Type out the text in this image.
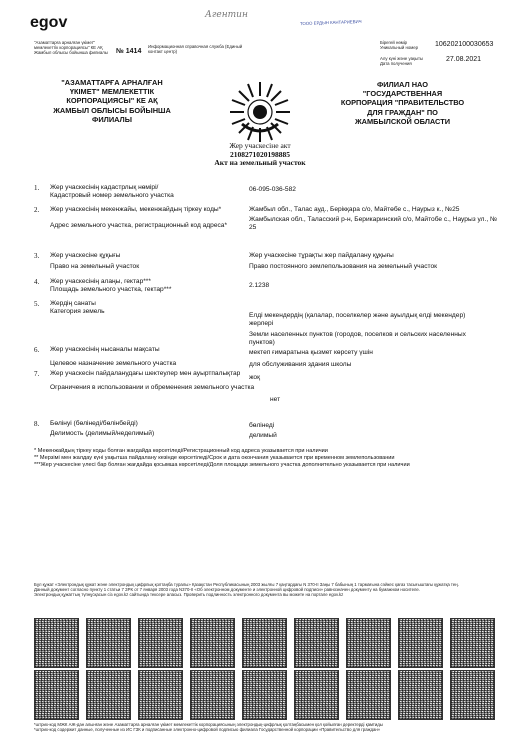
egov
"Азаматтарға арналған үкімет"
мемлекеттік корпорациясы" КЕ АҚ
Жамбыл облысы бойынша филиалы	№ 1414
Информационная справочная служба (Единый контакт центр)
Агентин
ТООО ЕРДЫН КАНТАРИЕВИЧ
Бірегей нөмір
Уникальный номер	106202100030653
Алу күні және уақыты
Дата получения
27.08.2021
"АЗАМАТТАРҒА АРНАЛҒАН ҮКІМЕТ" МЕМЛЕКЕТТІК КОРПОРАЦИЯСЫ" КЕ АҚ ЖАМБЫЛ ОБЛЫСЫ БОЙЫНША ФИЛИАЛЫ
ФИЛИАЛ НАО "ГОСУДАРСТВЕННАЯ КОРПОРАЦИЯ "ПРАВИТЕЛЬСТВО ДЛЯ ГРАЖДАН" ПО ЖАМБЫЛСКОЙ ОБЛАСТИ
Жер учаскесіне акт
2108271020198885
Акт на земельный участок
1. Жер учаскесінің кадастрлық нөмірі/
Кадастровый номер земельного участка
06-095-036-582
2. Жер учаскесінің мекенжайы, мекенжайдың тіркеу коды*
Адрес земельного участка, регистрационный код адреса*
Жамбыл обл., Талас ауд., Берікқара с/о, Майтөбе с., Наурыз к., №25
Жамбылская обл., Таласский р-н, Берикаринский с/о, Майтобе с., Наурыз ул., № 25
3. Жер учаскесіне құқығы
Право на земельный участок
Жер учаскесіне тұрақты жер пайдалану құқығы
Право постоянного землепользования на земельный участок
4. Жер учаскесінің алаңы, гектар***
Площадь земельного участка, гектар***
2.1238
5. Жердің санаты
Категория земель
Елді мекендердің (қалалар, поселкелер және ауылдық елді мекендер) жерлері
Земли населенных пунктов (городов, поселков и сельских населенных пунктов)
6. Жер учаскесінің нысаналы мақсаты
Целевое назначение земельного участка
мектеп ғимаратына қызмет көрсету үшін
для обслуживания здания школы
7. Жер учаскесін пайдаланудағы шектеулер мен ауыртпалықтар
Ограничения в использовании и обременения земельного участка
жоқ
нет
8. Бөлінуі (бөлінеді/бөлінбейді)
Делимость (делимый/неделимый)
бөлінеді
делимый
* Мекенжайдың тіркеу коды болған жағдайда көрсетіледі/Регистрационный код адреса указывается при наличии
** Мерзімі мен жалдау күні уақытша пайдалану кезінде көрсетіледі/Срок и дата окончания указывается при временном землепользовании
***Жер учаскесіне үлесі бар болған жағдайда қосымша көрсетіледі/Доля площади земельного участка дополнительно указывается при наличии
Бұл құжат «Электрондық құжат және электрондық цифрлық қолтаңба туралы» Қазақстан Республикасының 2003 жылғы 7 қаңтардағы N 370-II Заңы 7 бабының 1 тармағына сәйкес қағаз тасығыштағы құжатқа тең.
Данный документ согласно пункту 1 статьи 7 ЗРК от 7 января 2003 года N370-II «Об электронном документе и электронной цифровой подписи» равнозначен документу на бумажном носителе.
Электрондық құжаттың түпнұсқасын сіз egov.kz сайтында тексере аласыз. Проверить подлинность электронного документа вы можете на портале egov.kz
*штрих-код МЖК АЖ-дан алынған және Азаматтарға арналған үкімет мемлекеттік корпорациясының электрондық-цифрлық қолтаңбасымен қол қойылған деректерді қамтиды
*штрих-код содержит данные, полученные из ИС ГЗК и подписанные электронно-цифровой подписью филиала Государственной корпорации «Правительство для граждан»
